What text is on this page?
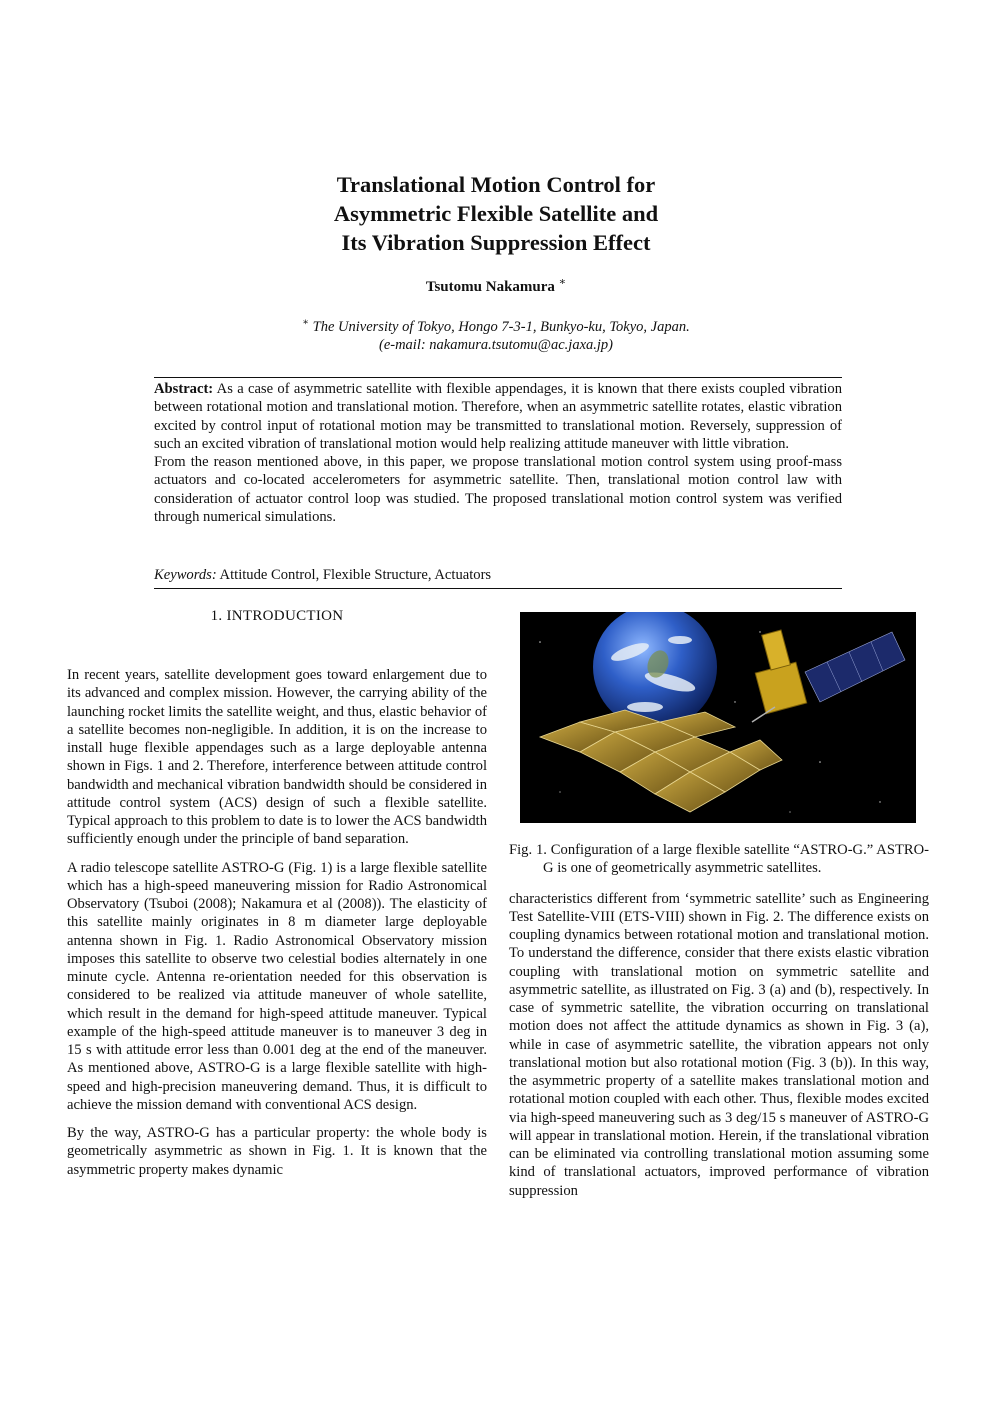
Translational Motion Control for
Asymmetric Flexible Satellite and
Its Vibration Suppression Effect
Tsutomu Nakamura ∗
∗ The University of Tokyo, Hongo 7-3-1, Bunkyo-ku, Tokyo, Japan.
(e-mail: nakamura.tsutomu@ac.jaxa.jp)

Abstract: As a case of asymmetric satellite with flexible appendages, it is known that there exists coupled vibration between rotational motion and translational motion. Therefore, when an asymmetric satellite rotates, elastic vibration excited by control input of rotational motion may be transmitted to translational motion. Reversely, suppression of such an excited vibration of translational motion would help realizing attitude maneuver with little vibration.

From the reason mentioned above, in this paper, we propose translational motion control system using proof-mass actuators and co-located accelerometers for asymmetric satellite. Then, translational motion control law with consideration of actuator control loop was studied. The proposed translational motion control system was verified through numerical simulations.

Keywords: Attitude Control, Flexible Structure, Actuators
1. INTRODUCTION

In recent years, satellite development goes toward enlargement due to its advanced and complex mission. However, the carrying ability of the launching rocket limits the satellite weight, and thus, elastic behavior of a satellite becomes non-negligible. In addition, it is on the increase to install huge flexible appendages such as a large deployable antenna shown in Figs. 1 and 2. Therefore, interference between attitude control bandwidth and mechanical vibration bandwidth should be considered in attitude control system (ACS) design of such a flexible satellite. Typical approach to this problem to date is to lower the ACS bandwidth sufficiently enough under the principle of band separation.

A radio telescope satellite ASTRO-G (Fig. 1) is a large flexible satellite which has a high-speed maneuvering mission for Radio Astronomical Observatory (Tsuboi (2008); Nakamura et al (2008)). The elasticity of this satellite mainly originates in 8 m diameter large deployable antenna shown in Fig. 1. Radio Astronomical Observatory mission imposes this satellite to observe two celestial bodies alternately in one minute cycle. Antenna re-orientation needed for this observation is considered to be realized via attitude maneuver of whole satellite, which result in the demand for high-speed attitude maneuver. Typical example of the high-speed attitude maneuver is to maneuver 3 deg in 15 s with attitude error less than 0.001 deg at the end of the maneuver. As mentioned above, ASTRO-G is a large flexible satellite with high-speed and high-precision maneuvering demand. Thus, it is difficult to achieve the mission demand with conventional ACS design.

By the way, ASTRO-G has a particular property: the whole body is geometrically asymmetric as shown in Fig. 1. It is known that the asymmetric property makes dynamic

Fig. 1. Configuration of a large flexible satellite “ASTRO-G.” ASTRO-G is one of geometrically asymmetric satellites.

characteristics different from ‘symmetric satellite’ such as Engineering Test Satellite-VIII (ETS-VIII) shown in Fig. 2. The difference exists on coupling dynamics between rotational motion and translational motion. To understand the difference, consider that there exists elastic vibration coupling with translational motion on symmetric satellite and asymmetric satellite, as illustrated on Fig. 3 (a) and (b), respectively. In case of symmetric satellite, the vibration occurring on translational motion does not affect the attitude dynamics as shown in Fig. 3 (a), while in case of asymmetric satellite, the vibration appears not only translational motion but also rotational motion (Fig. 3 (b)). In this way, the asymmetric property of a satellite makes translational motion and rotational motion coupled with each other. Thus, flexible modes excited via high-speed maneuvering such as 3 deg/15 s maneuver of ASTRO-G will appear in translational motion. Herein, if the translational vibration can be eliminated via controlling translational motion assuming some kind of translational actuators, improved performance of vibration suppression
